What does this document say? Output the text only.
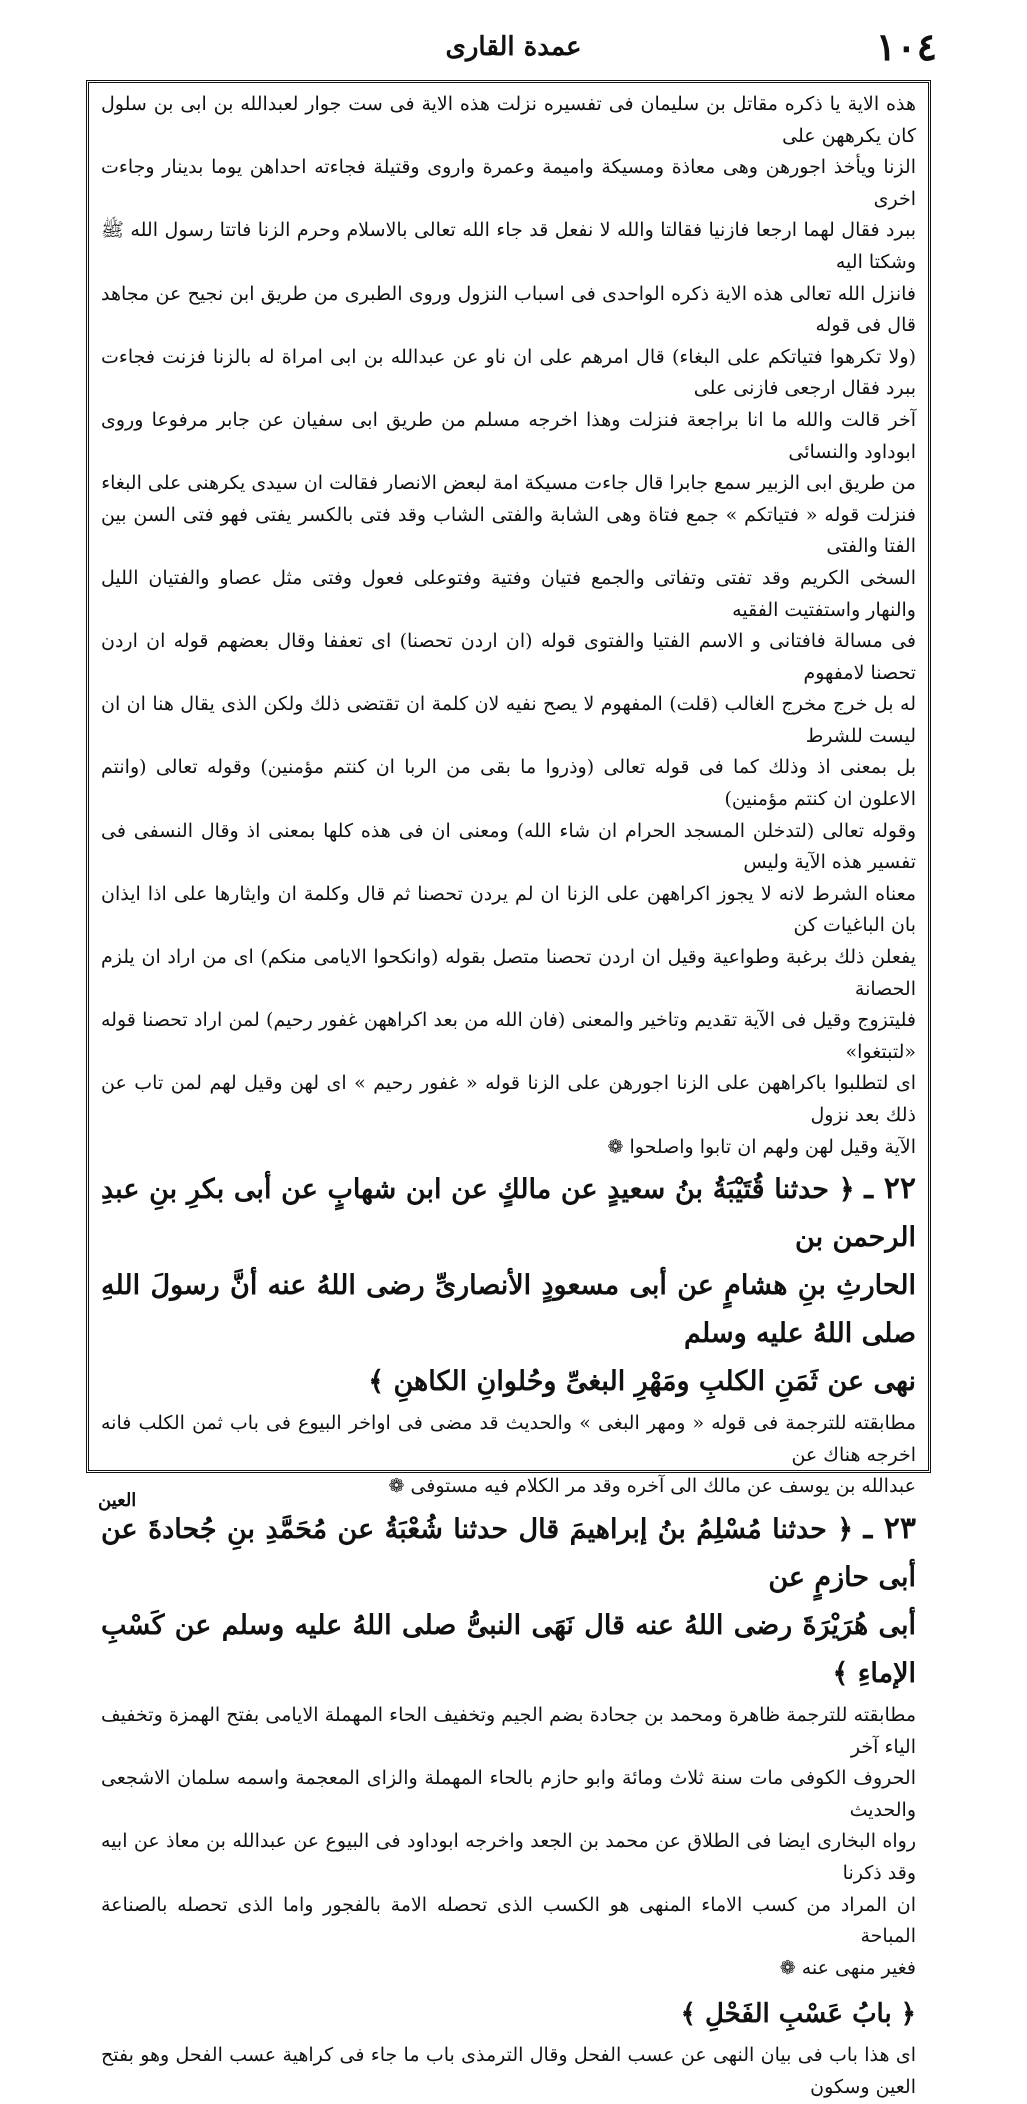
١٠٤
عمدة القارى

هذه الاية يا ذكره مقاتل بن سليمان فى تفسيره نزلت هذه الاية فى ست جوار لعبدالله بن ابى بن سلول كان يكرههن على
الزنا ويأخذ اجورهن وهى معاذة ومسيكة واميمة وعمرة واروى وقتيلة فجاءته احداهن يوما بدينار وجاءت اخرى
ببرد فقال لهما ارجعا فازنيا فقالتا والله لا نفعل قد جاء الله تعالى بالاسلام وحرم الزنا فاتتا رسول الله ﷺ وشكتا اليه
فانزل الله تعالى هذه الاية ذكره الواحدى فى اسباب النزول وروى الطبرى من طريق ابن نجيح عن مجاهد قال فى قوله
(ولا تكرهوا فتياتكم على البغاء) قال امرهم على ان ناو عن عبدالله بن ابى امراة له بالزنا فزنت فجاءت ببرد فقال ارجعى فازنى على
آخر قالت والله ما انا براجعة فنزلت وهذا اخرجه مسلم من طريق ابى سفيان عن جابر مرفوعا وروى ابوداود والنسائى
من طريق ابى الزبير سمع جابرا قال جاءت مسيكة امة لبعض الانصار فقالت ان سيدى يكرهنى على البغاء
فنزلت قوله « فتياتكم » جمع فتاة وهى الشابة والفتى الشاب وقد فتى بالكسر يفتى فهو فتى السن بين الفتا والفتى
السخى الكريم وقد تفتى وتفاتى والجمع فتيان وفتية وفتوعلى فعول وفتى مثل عصاو والفتيان الليل والنهار واستفتيت الفقيه
فى مسالة فافتانى و الاسم الفتيا والفتوى قوله (ان اردن تحصنا) اى تعففا وقال بعضهم قوله ان اردن تحصنا لامفهوم
له بل خرج مخرج الغالب (قلت) المفهوم لا يصح نفيه لان كلمة ان تقتضى ذلك ولكن الذى يقال هنا ان ان ليست للشرط
بل بمعنى اذ وذلك كما فى قوله تعالى (وذروا ما بقى من الربا ان كنتم مؤمنين) وقوله تعالى (وانتم الاعلون ان كنتم مؤمنين)
وقوله تعالى (لتدخلن المسجد الحرام ان شاء الله) ومعنى ان فى هذه كلها بمعنى اذ وقال النسفى فى تفسير هذه الآية وليس
معناه الشرط لانه لا يجوز اكراههن على الزنا ان لم يردن تحصنا ثم قال وكلمة ان وايثارها على اذا ايذان بان الباغيات كن
يفعلن ذلك برغبة وطواعية وقيل ان اردن تحصنا متصل بقوله (وانكحوا الايامى منكم) اى من اراد ان يلزم الحصانة
فليتزوج وقيل فى الآية تقديم وتاخير والمعنى (فان الله من بعد اكراههن غفور رحيم) لمن اراد تحصنا قوله «لتبتغوا»
اى لتطلبوا باكراههن على الزنا اجورهن على الزنا قوله « غفور رحيم » اى لهن وقيل لهم لمن تاب عن ذلك بعد نزول
الآية وقيل لهن ولهم ان تابوا واصلحوا ❁

٢٢ ـ ﴿ حدثنا قُتَيْبَةُ بنُ سعيدٍ عن مالكٍ عن ابن شهابٍ عن أبى بكرِ بنِ عبدِ الرحمن بن
الحارثِ بنِ هشامٍ عن أبى مسعودٍ الأنصارىِّ رضى اللهُ عنه أنَّ رسولَ اللهِ صلى اللهُ عليه وسلم
نهى عن ثَمَنِ الكلبِ ومَهْرِ البغىِّ وحُلوانِ الكاهنِ ﴾

مطابقته للترجمة فى قوله « ومهر البغى » والحديث قد مضى فى اواخر البيوع فى باب ثمن الكلب فانه اخرجه هناك عن
عبدالله بن يوسف عن مالك الى آخره وقد مر الكلام فيه مستوفى ❁

٢٣ ـ ﴿ حدثنا مُسْلِمُ بنُ إبراهيمَ قال حدثنا شُعْبَةُ عن مُحَمَّدِ بنِ جُحادةَ عن أبى حازمٍ عن
أبى هُرَيْرَةَ رضى اللهُ عنه قال نَهَى النبىُّ صلى اللهُ عليه وسلم عن كَسْبِ الإماءِ ﴾

مطابقته للترجمة ظاهرة ومحمد بن جحادة بضم الجيم وتخفيف الحاء المهملة الايامى بفتح الهمزة وتخفيف الياء آخر
الحروف الكوفى مات سنة ثلاث ومائة وابو حازم بالحاء المهملة والزاى المعجمة واسمه سلمان الاشجعى والحديث
رواه البخارى ايضا فى الطلاق عن محمد بن الجعد واخرجه ابوداود فى البيوع عن عبدالله بن معاذ عن ابيه وقد ذكرنا
ان المراد من كسب الاماء المنهى هو الكسب الذى تحصله الامة بالفجور واما الذى تحصله بالصناعة المباحة
فغير منهى عنه ❁

﴿ بابُ عَسْبِ الفَحْلِ ﴾

اى هذا باب فى بيان النهى عن عسب الفحل وقال الترمذى باب ما جاء فى كراهية عسب الفحل وهو بفتح العين وسكون

العين
